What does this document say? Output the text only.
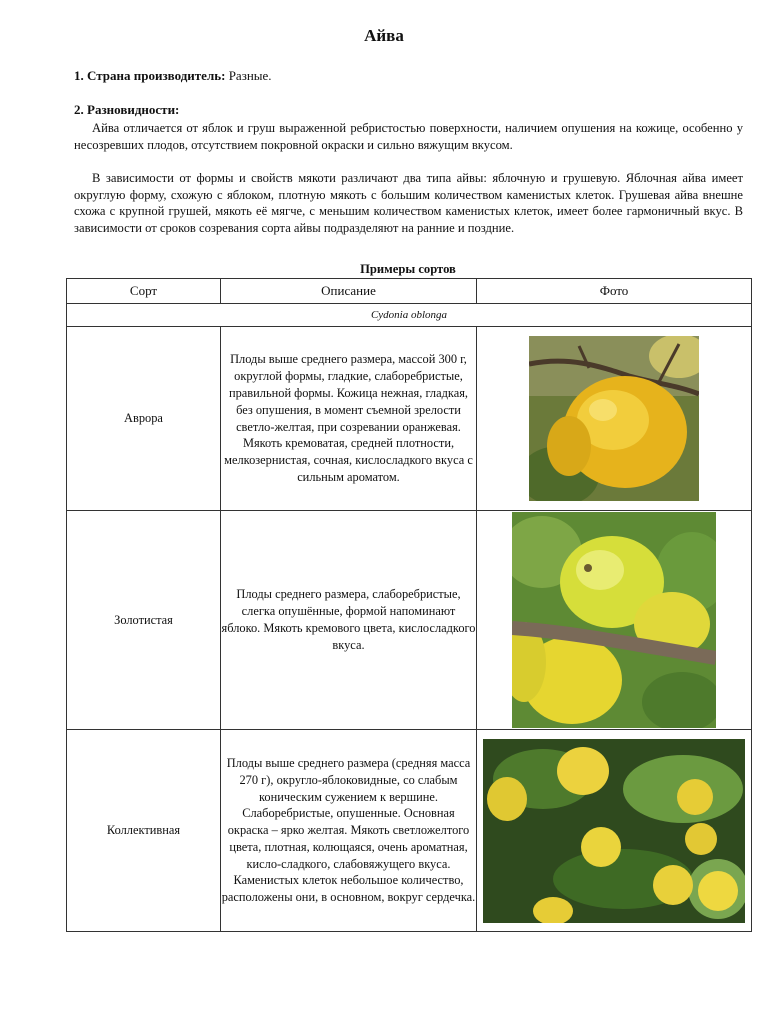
Айва
1. Страна производитель: Разные.
2. Разновидности:

Айва отличается от яблок и груш выраженной ребристостью поверхности, наличием опушения на кожице, особенно у несозревших плодов, отсутствием покровной окраски и сильно вяжущим вкусом.

В зависимости от формы и свойств мякоти различают два типа айвы: яблочную и грушевую. Яблочная айва имеет округлую форму, схожую с яблоком, плотную мякоть с большим количеством каменистых клеток. Грушевая айва внешне схожа с крупной грушей, мякоть её мягче, с меньшим количеством каменистых клеток, имеет более гармоничный вкус. В зависимости от сроков созревания сорта айвы подразделяют на ранние и поздние.

Примеры сортов
Сорт	Описание	Фото
Cydonia oblonga		
Аврора	Плоды выше среднего размера, массой 300 г, округлой формы, гладкие, слаборебристые, правильной формы. Кожица нежная, гладкая, без опушения, в момент съемной зрелости светло-желтая, при созревании оранжевая. Мякоть кремоватая, средней плотности, мелкозернистая, сочная, кислосладкого вкуса с сильным ароматом.	

Золотистая	Плоды среднего размера, слаборебристые, слегка опушённые, формой напоминают яблоко. Мякоть кремового цвета, кислосладкого вкуса.	

Коллективная	Плоды выше среднего размера (средняя масса 270 г), округло-яблоковидные, со слабым коническим сужением к вершине. Слаборебристые, опушенные. Основная окраска – ярко желтая. Мякоть светложелтого цвета, плотная, колющаяся, очень ароматная, кисло-сладкого, слабовяжущего вкуса. Каменистых клеток небольшое количество, расположены они, в основном, вокруг сердечка.	
